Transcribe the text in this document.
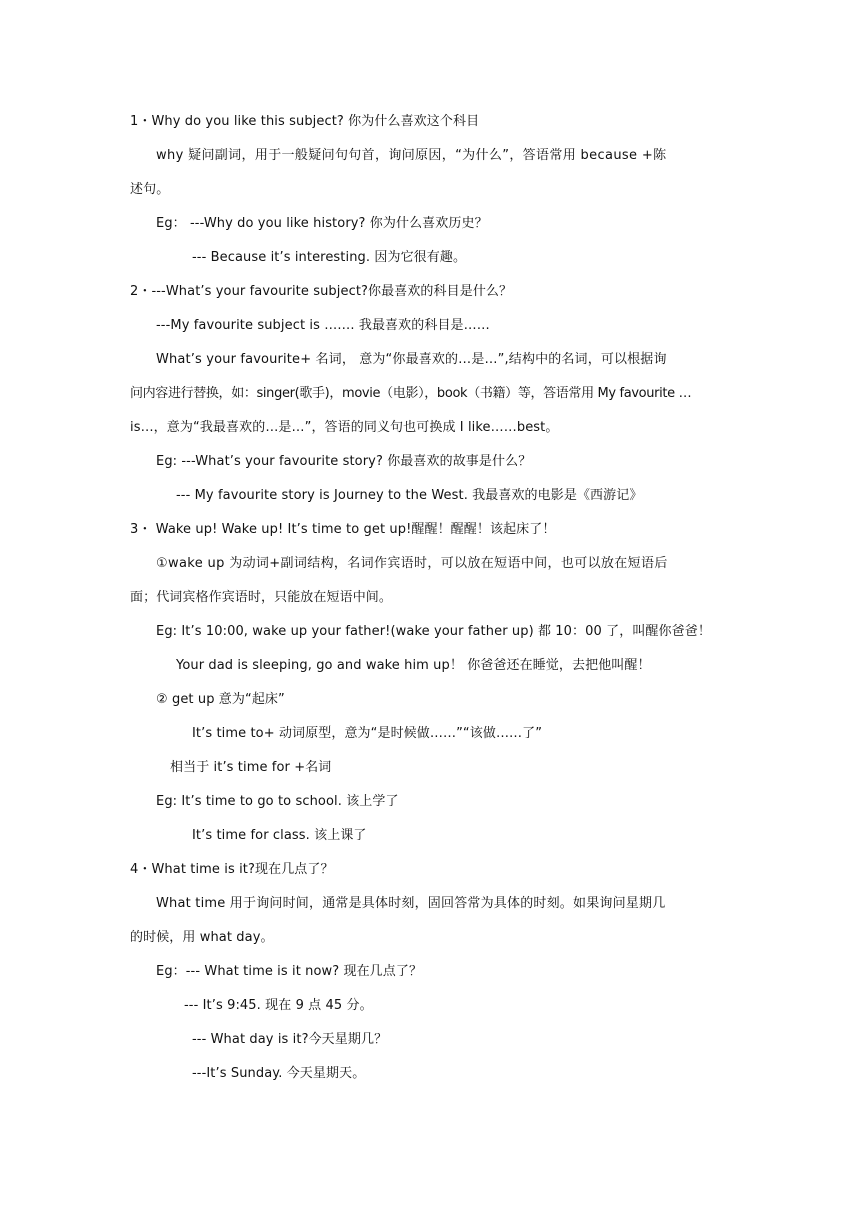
1・Why do you like this subject? 你为什么喜欢这个科目
why 疑问副词，用于一般疑问句句首，询问原因，“为什么”，答语常用 because +陈
述句。
Eg： ---Why do you like history? 你为什么喜欢历史？
--- Because it’s interesting. 因为它很有趣。
2・---What’s your favourite subject?你最喜欢的科目是什么？
---My favourite subject is ……. 我最喜欢的科目是……
What’s your favourite+ 名词， 意为“你最喜欢的…是…”,结构中的名词，可以根据询
问内容进行替换，如：singer(歌手)，movie（电影），book（书籍）等，答语常用 My favourite …
is…，意为“我最喜欢的…是…”，答语的同义句也可换成 I like……best。
Eg: ---What’s your favourite story? 你最喜欢的故事是什么？
--- My favourite story is Journey to the West. 我最喜欢的电影是《西游记》
3・ Wake up! Wake up! It’s time to get up!醒醒！醒醒！该起床了！
①wake up 为动词+副词结构，名词作宾语时，可以放在短语中间，也可以放在短语后
面；代词宾格作宾语时，只能放在短语中间。
Eg: It’s 10:00, wake up your father!(wake your father up) 都 10：00 了，叫醒你爸爸！
Your dad is sleeping, go and wake him up！ 你爸爸还在睡觉，去把他叫醒！
② get up 意为“起床”
It’s time to+ 动词原型，意为“是时候做……”“该做……了”
相当于 it’s time for +名词
Eg: It’s time to go to school. 该上学了
It’s time for class. 该上课了
4・What time is it?现在几点了？
What time 用于询问时间，通常是具体时刻，固回答常为具体的时刻。如果询问星期几
的时候，用 what day。
Eg：--- What time is it now? 现在几点了？
--- It’s 9:45. 现在 9 点 45 分。
--- What day is it?今天星期几？
---It’s Sunday. 今天星期天。
